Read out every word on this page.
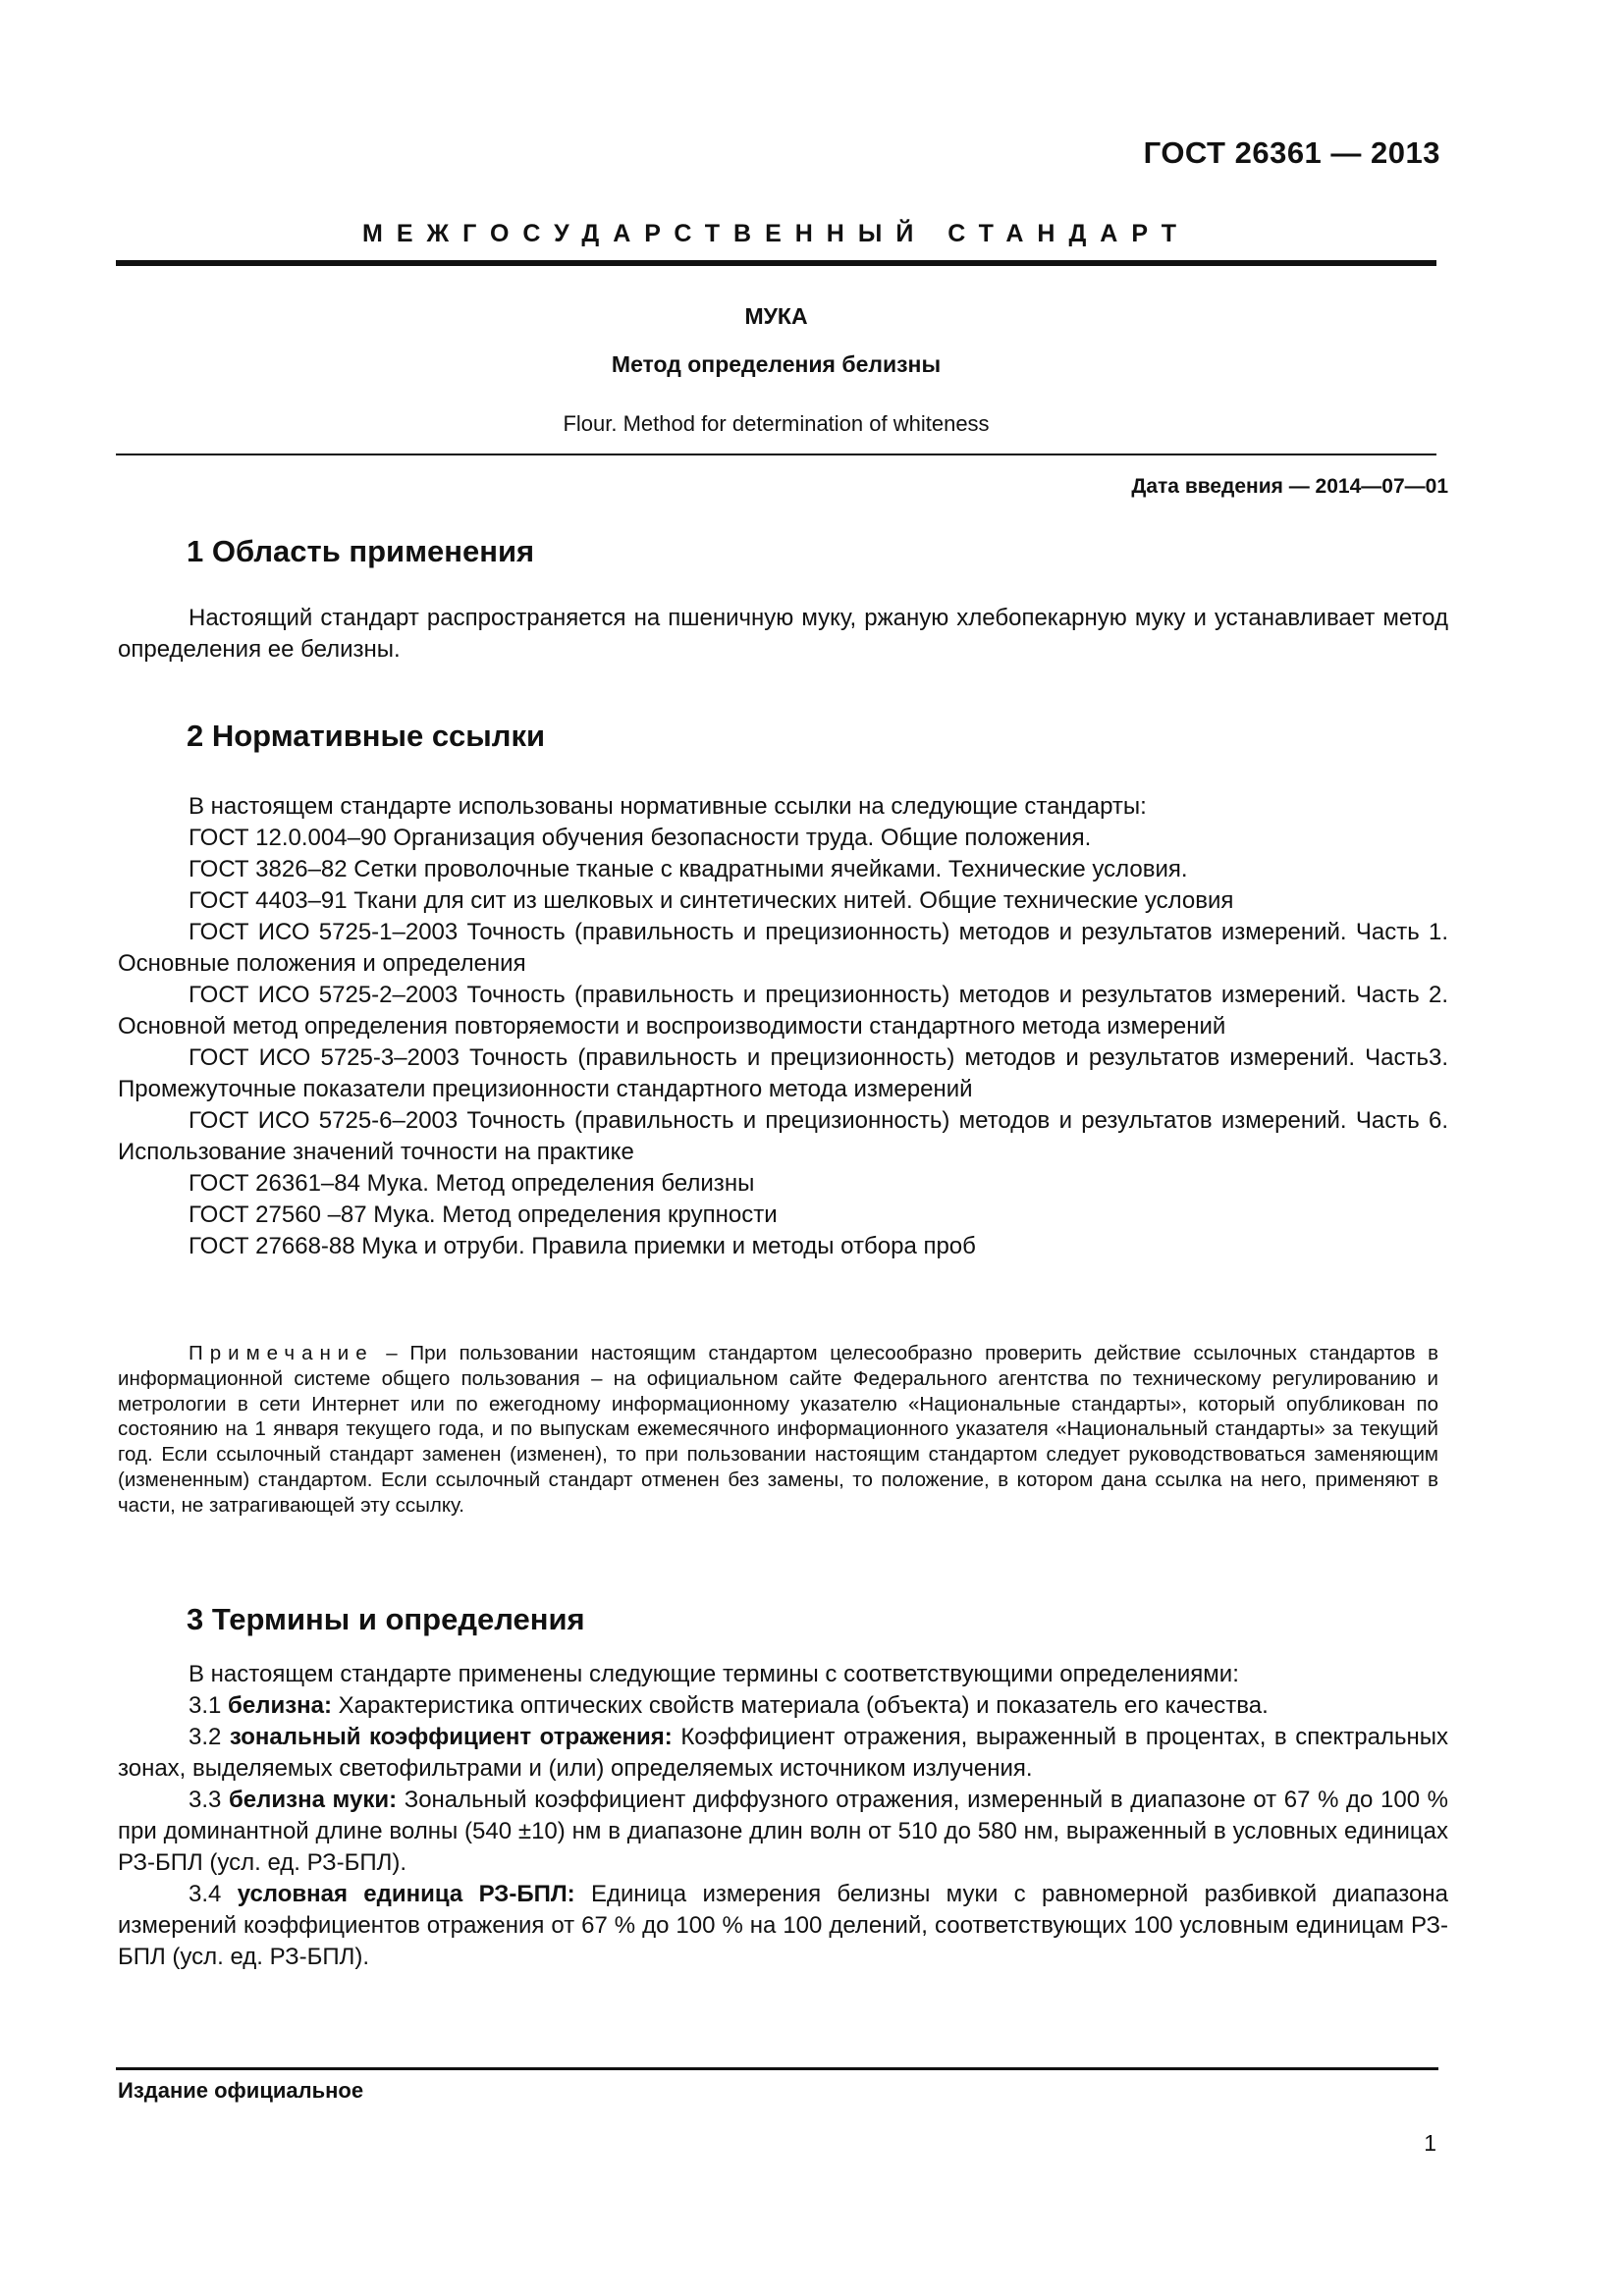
ГОСТ 26361 — 2013
МЕЖГОСУДАРСТВЕННЫЙ СТАНДАРТ
МУКА
Метод определения белизны
Flour. Method for determination of whiteness
Дата введения — 2014—07—01
1 Область применения

Настоящий стандарт распространяется на пшеничную муку, ржаную хлебопекарную муку и устанавливает метод определения ее белизны.

2 Нормативные ссылки

В настоящем стандарте использованы нормативные ссылки на следующие стандарты:

ГОСТ 12.0.004–90 Организация обучения безопасности труда. Общие положения.

ГОСТ 3826–82 Сетки проволочные тканые с квадратными ячейками. Технические условия.

ГОСТ 4403–91 Ткани для сит из шелковых и синтетических нитей. Общие технические условия

ГОСТ ИСО 5725-1–2003 Точность (правильность и прецизионность) методов и результатов измерений. Часть 1. Основные положения и определения

ГОСТ ИСО 5725-2–2003 Точность (правильность и прецизионность) методов и результатов измерений. Часть 2. Основной метод определения повторяемости и воспроизводимости стандартного метода измерений

ГОСТ ИСО 5725-3–2003 Точность (правильность и прецизионность) методов и результатов измерений. Часть3. Промежуточные показатели прецизионности стандартного метода измерений

ГОСТ ИСО 5725-6–2003 Точность (правильность и прецизионность) методов и результатов измерений. Часть 6. Использование значений точности на практике

ГОСТ 26361–84 Мука. Метод определения белизны

ГОСТ 27560 –87 Мука. Метод определения крупности

ГОСТ 27668-88 Мука и отруби. Правила приемки и методы отбора проб

Примечание – При пользовании настоящим стандартом целесообразно проверить действие ссылочных стандартов в информационной системе общего пользования – на официальном сайте Федерального агентства по техническому регулированию и метрологии в сети Интернет или по ежегодному информационному указателю «Национальные стандарты», который опубликован по состоянию на 1 января текущего года, и по выпускам ежемесячного информационного указателя «Национальный стандарты» за текущий год. Если ссылочный стандарт заменен (изменен), то при пользовании настоящим стандартом следует руководствоваться заменяющим (измененным) стандартом. Если ссылочный стандарт отменен без замены, то положение, в котором дана ссылка на него, применяют в части, не затрагивающей эту ссылку.
3 Термины и определения

В настоящем стандарте применены следующие термины с соответствующими определениями:

3.1 белизна: Характеристика оптических свойств материала (объекта) и показатель его качества.

3.2 зональный коэффициент отражения: Коэффициент отражения, выраженный в процентах, в спектральных зонах, выделяемых светофильтрами и (или) определяемых источником излучения.

3.3 белизна муки: Зональный коэффициент диффузного отражения, измеренный в диапазоне от 67 % до 100 % при доминантной длине волны (540 ±10) нм в диапазоне длин волн от 510 до 580 нм, выраженный в условных единицах РЗ-БПЛ (усл. ед. РЗ-БПЛ).

3.4 условная единица РЗ-БПЛ: Единица измерения белизны муки с равномерной разбивкой диапазона измерений коэффициентов отражения от 67 % до 100 % на 100 делений, соответствующих 100 условным единицам РЗ-БПЛ (усл. ед. РЗ-БПЛ).

Издание официальное
1
